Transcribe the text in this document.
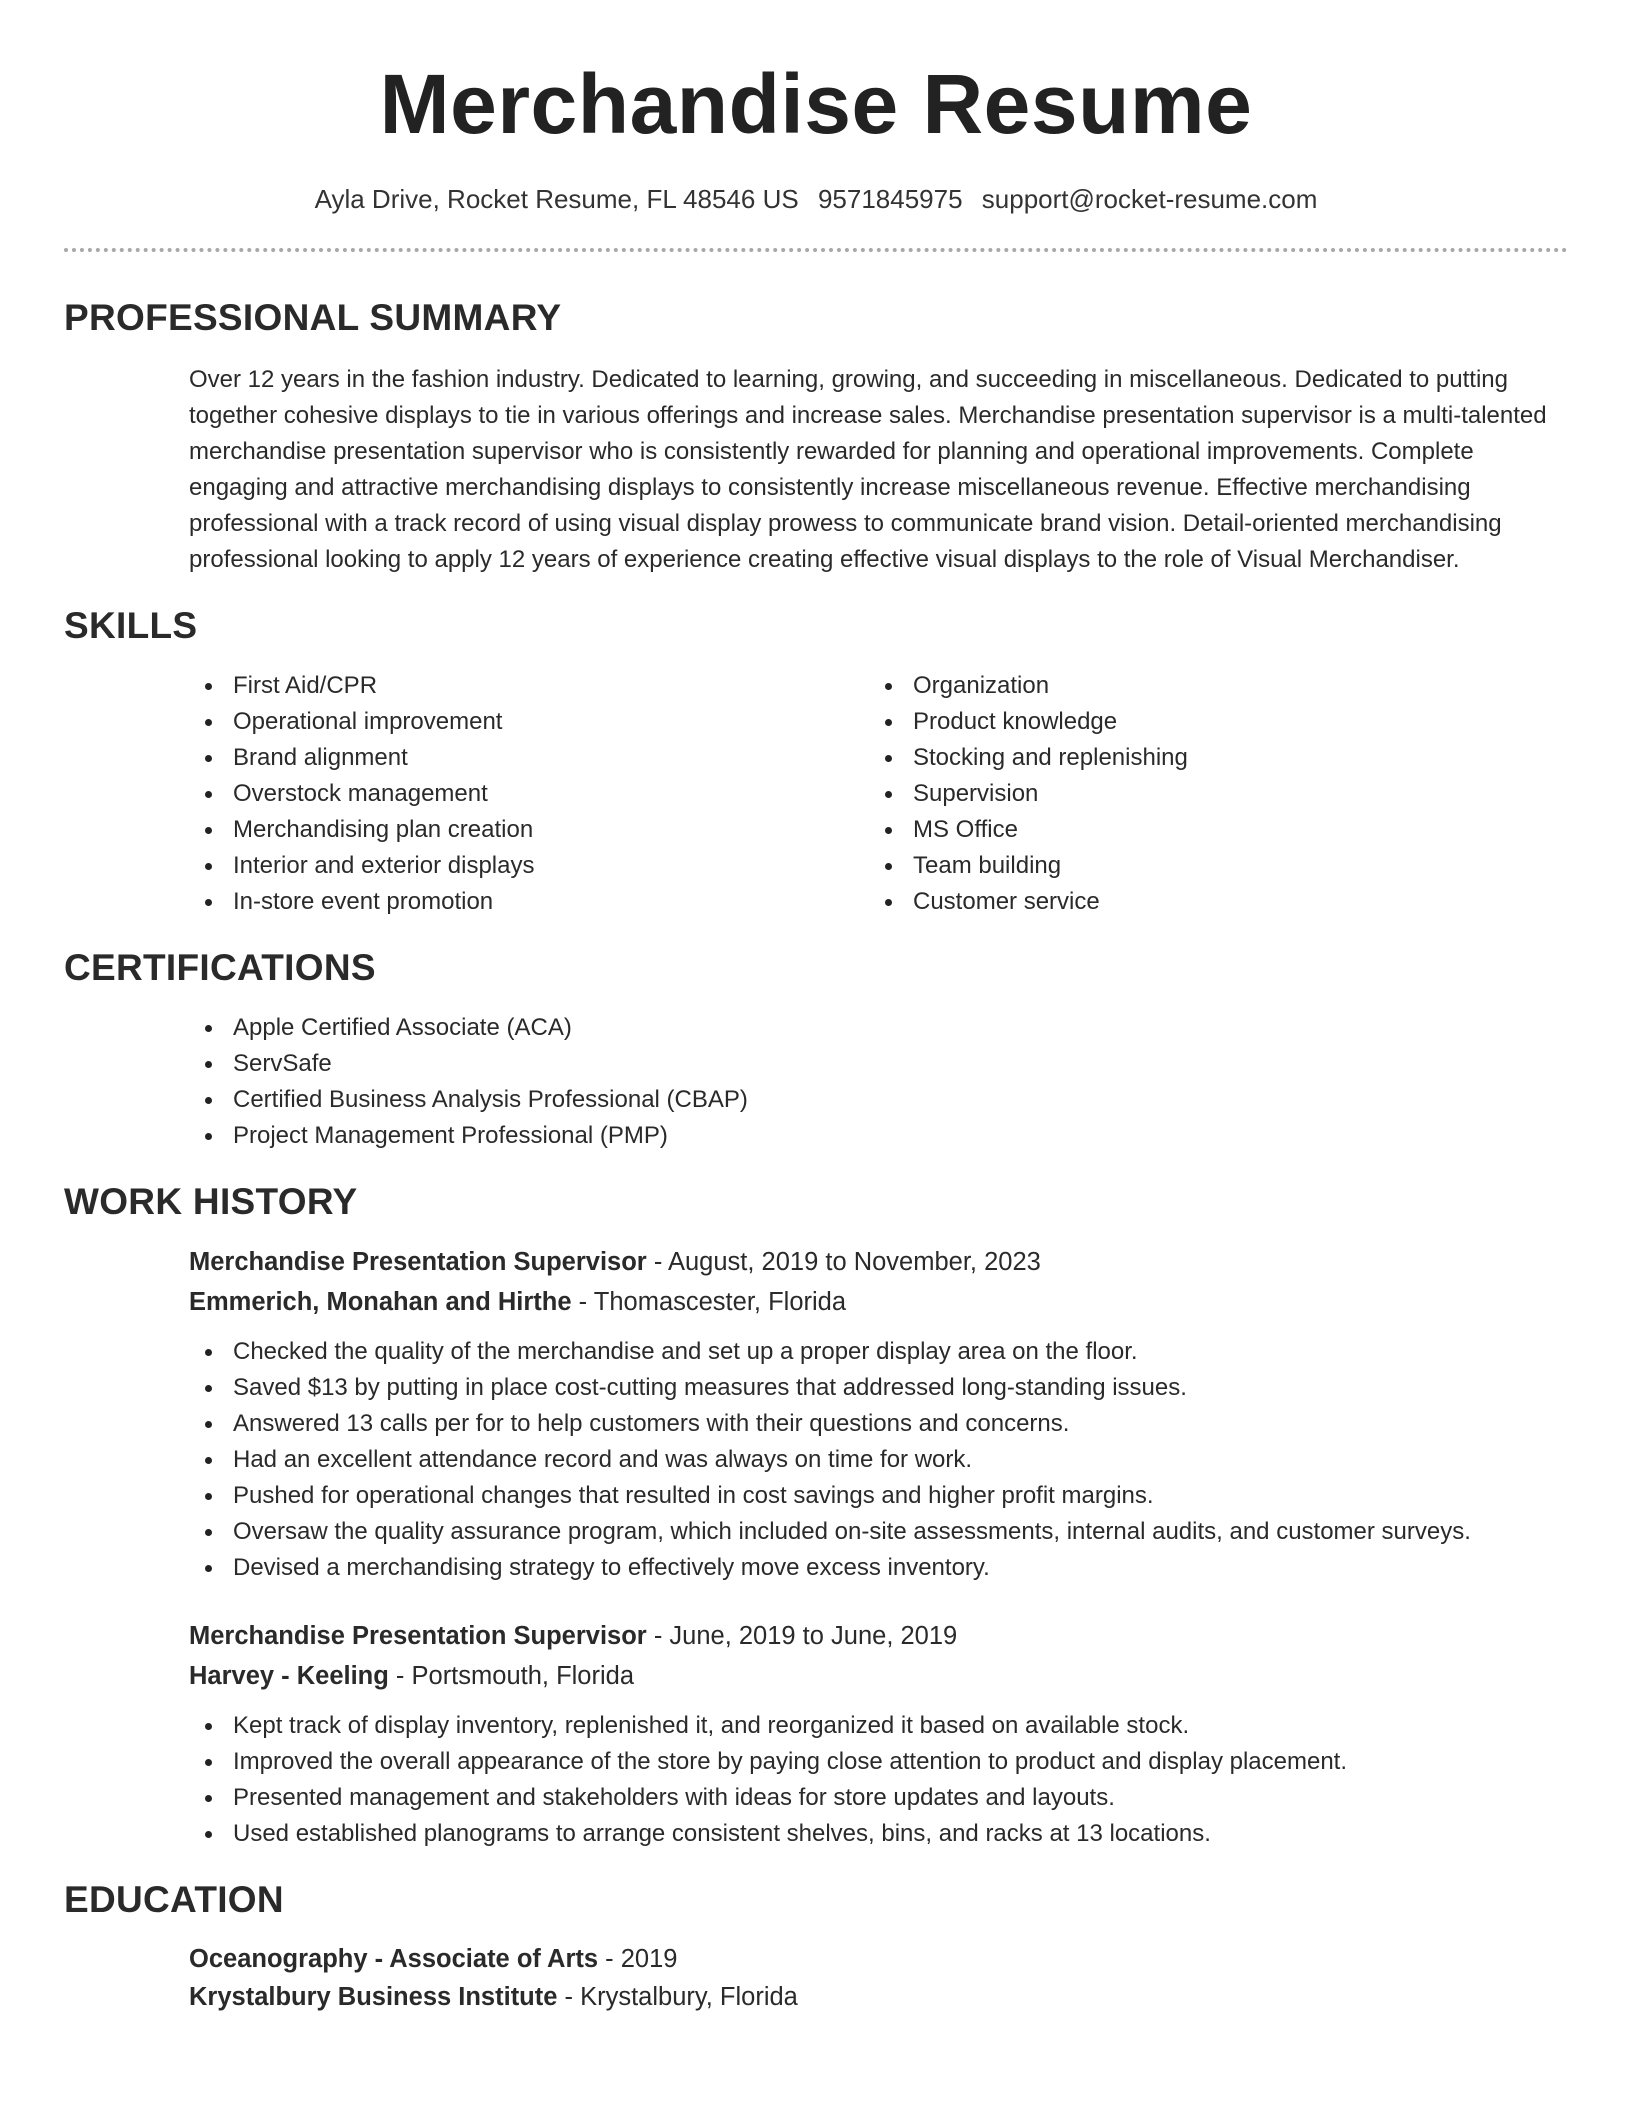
Merchandise Resume
Ayla Drive, Rocket Resume, FL 48546 US 9571845975 support@rocket-resume.com
PROFESSIONAL SUMMARY

Over 12 years in the fashion industry. Dedicated to learning, growing, and succeeding in miscellaneous. Dedicated to putting together cohesive displays to tie in various offerings and increase sales. Merchandise presentation supervisor is a multi-talented merchandise presentation supervisor who is consistently rewarded for planning and operational improvements. Complete engaging and attractive merchandising displays to consistently increase miscellaneous revenue. Effective merchandising professional with a track record of using visual display prowess to communicate brand vision. Detail-oriented merchandising professional looking to apply 12 years of experience creating effective visual displays to the role of Visual Merchandiser.

SKILLS
First Aid/CPR
Operational improvement
Brand alignment
Overstock management
Merchandising plan creation
Interior and exterior displays
In-store event promotion
Organization
Product knowledge
Stocking and replenishing
Supervision
MS Office
Team building
Customer service
CERTIFICATIONS
Apple Certified Associate (ACA)
ServSafe
Certified Business Analysis Professional (CBAP)
Project Management Professional (PMP)
WORK HISTORY
Merchandise Presentation Supervisor - August, 2019 to November, 2023
Emmerich, Monahan and Hirthe - Thomascester, Florida
Checked the quality of the merchandise and set up a proper display area on the floor.
Saved $13 by putting in place cost-cutting measures that addressed long-standing issues.
Answered 13 calls per for to help customers with their questions and concerns.
Had an excellent attendance record and was always on time for work.
Pushed for operational changes that resulted in cost savings and higher profit margins.
Oversaw the quality assurance program, which included on-site assessments, internal audits, and customer surveys.
Devised a merchandising strategy to effectively move excess inventory.
Merchandise Presentation Supervisor - June, 2019 to June, 2019
Harvey - Keeling - Portsmouth, Florida
Kept track of display inventory, replenished it, and reorganized it based on available stock.
Improved the overall appearance of the store by paying close attention to product and display placement.
Presented management and stakeholders with ideas for store updates and layouts.
Used established planograms to arrange consistent shelves, bins, and racks at 13 locations.
EDUCATION
Oceanography - Associate of Arts - 2019
Krystalbury Business Institute - Krystalbury, Florida
